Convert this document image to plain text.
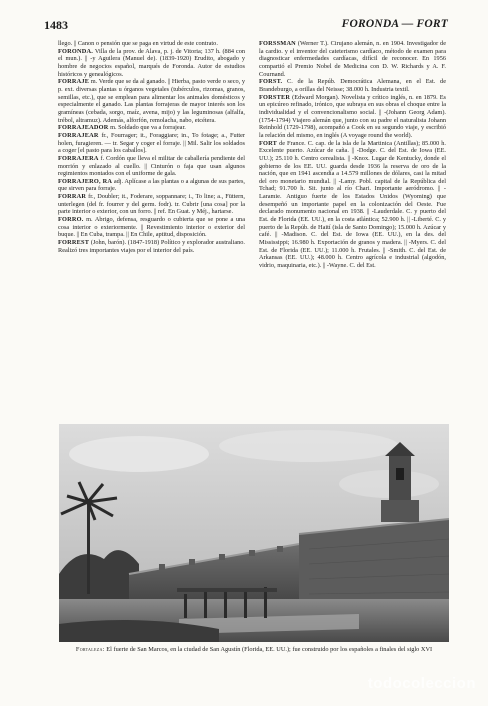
1483	FORONDA — FORT

llego. || Canon o pensión que se paga en virtud de este contrato.

FORONDA. Villa de la prov. de Alava, p. j. de Vitoria; 137 h. (884 con el mun.). || -y Aguilera (Manuel de). (1839-1920) Erudito, abogado y hombre de negocios español, marqués de Foronda. Autor de estudios históricos y genealógicos.

FORRAJE m. Verde que se da al ganado. || Hierba, pasto verde o seco, y p. ext. diversas plantas u órganos vegetales (tubérculos, rizomas, granos, semillas, etc.), que se emplean para alimentar los animales domésticos y especialmente el ganado. Las plantas forrajeras de mayor interés son los gramíneas (cebada, sorgo, maíz, avena, mijo) y las leguminosas (alfalfa, trébol, altramuz). Además, alforfón, remolacha, nabo, etcétera.

FORRAJEADOR m. Soldado que va a forrajear.

FORRAJEAR fr., Fourrager; it., Foraggiare; in., To fotage; a., Futter holen, furagieren. — tr. Segar y coger el forraje. || Mil. Salir los soldados a coger [el pasto para los caballos].

FORRAJERA f. Cordón que lleva el militar de caballería pendiente del morrión y enlazado al cuello. || Cinturón o faja que usan algunos regimientos montados con el uniforme de gala.

FORRAJERO, RA adj. Aplícase a las plantas o a algunas de sus partes, que sirven para forraje.

FORRAR fr., Doubler; it., Foderare, soppannare; i., To line; a., Füttern, unterlegen (del fr. fourrer y del germ. fodr). tr. Cubrir [una cosa] por la parte interior o exterior, con un forro. || ref. En Guat. y Méj., hartarse.

FORRO. m. Abrigo, defensa, resguardo o cubierta que se pone a una cosa interior o exteriormente. || Revestimiento interior o exterior del buque. || En Cuba, trampa. || En Chile, aptitud, disposición.

FORREST (John, barón). (1847-1918) Político y explorador australiano. Realizó tres importantes viajes por el interior del país.

FORSSMAN (Werner T.). Cirujano alemán, n. en 1904. Investigador de la cardio. y el inventor del cateterismo cardíaco, método de examen para diagnosticar enfermedades cardíacas, difícil de reconocer. En 1956 compartió el Premio Nobel de Medicina con D. W. Richards y A. F. Cournand.

FORST. C. de la Repúb. Democrática Alemana, en el Est. de Brandeburgo, a orillas del Neisse; 38.000 h. Industria textil.

FORSTER (Edward Morgan). Novelista y crítico inglés, n. en 1879. Es un epicúreo refinado, irónico, que subraya en sus obras el choque entre la individualidad y el convencionalismo social. || -(Johann Georg Adam). (1754-1794) Viajero alemán que, junto con su padre el naturalista Johann Reinhold (1729-1798), acompañó a Cook en su segundo viaje, y escribió la relación del mismo, en inglés (A voyage round the world).

FORT de France. C. cap. de la isla de la Martinica (Antillas); 85.000 h. Excelente puerto. Azúcar de caña. || -Dodge. C. del Est. de Iowa (EE. UU.); 25.110 h. Centro cerealista. || -Knox. Lugar de Kentucky, donde el gobierno de los EE. UU. guarda desde 1936 la reserva de oro de la nación, que en 1941 ascendía a 14.579 millones de dólares, casi la mitad del oro monetario mundial. || -Lamy. Pobl. capital de la República del Tchad; 91.700 h. Sit. junto al río Chari. Importante aeródromo. || -Laramie. Antiguo fuerte de los Estados Unidos (Wyoming) que desempeñó un importante papel en la colonización del Oeste. Fue declarado monumento nacional en 1938. || -Lauderdale. C. y puerto del Est. de Florida (EE. UU.), en la costa atlántica; 52.900 h. || -Liberté. C. y puerto de la Repúb. de Haití (isla de Santo Domingo); 15.000 h. Azúcar y café. || -Madison. C. del Est. de Iowa (EE. UU.), en la des. del Mississippi; 16.980 h. Exportación de granos y madera. || -Myers. C. del Est. de Florida (EE. UU.); 11.000 h. Frutales. || -Smith. C. del Est. de Arkansas (EE. UU.); 48.000 h. Centro agrícola e industrial (algodón, vidrio, maquinaria, etc.). || -Wayne. C. del Est.

Fortaleza: El fuerte de San Marcos, en la ciudad de San Agustín (Florida, EE. UU.); fue construido por los españoles a finales del siglo XVI
todocoleccion
